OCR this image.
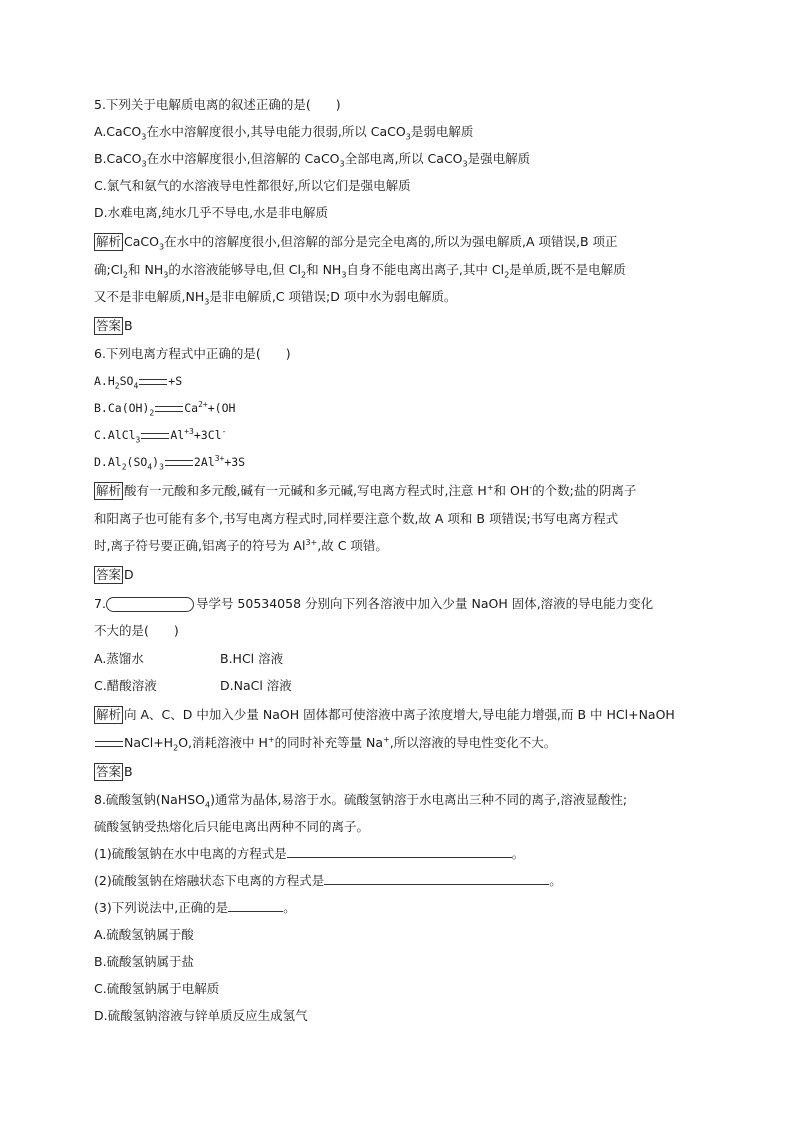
5.下列关于电解质电离的叙述正确的是(　　)
A.CaCO$_3$在水中溶解度很小,其导电能力很弱,所以 CaCO$_3$是弱电解质
B.CaCO$_3$在水中溶解度很小,但溶解的 CaCO$_3$全部电离,所以 CaCO$_3$是强电解质
C.氯气和氨气的水溶液导电性都很好,所以它们是强电解质
D.水难电离,纯水几乎不导电,水是非电解质
解析 CaCO$_3$在水中的溶解度很小,但溶解的部分是完全电离的,所以为强电解质,A 项错误,B 项正
确$;Cl_2$和 $NH_3$的水溶液能够导电,但 $Cl_2$和 $NH_3$自身不能电离出离子,其中 $Cl_2$是单质,既不是电解质
又不是非电解质$,NH_3$是非电解质,C 项错误;D 项中水为弱电解质。
答案 B
6.下列电离方程式中正确的是(　　)
$A.H_2SO_4$	+S
$B.Ca(OH)_2$	$Ca^{2+}+(OH$
C.AlCl$_3$	$Al^{+3}+3Cl^-$
$D.Al_2(SO_4)_3$	$2Al^{3+}+3S$
解析 酸有一元酸和多元酸,碱有一元碱和多元碱,写电离方程式时,注意 H+和 OH-的个数;盐的阴离子
和阳离子也可能有多个,书写电离方程式时,同样要注意个数,故 A 项和 B 项错误;书写电离方程式
时,离子符号要正确,铝离子的符号为 $Al^{3+}$,故 C 项错。
答案 D
7.	导学号 50534058 分别向下列各溶液中加入少量 NaOH 固体,溶液的导电能力变化
不大的是(　　)
A.蒸馏水	B.HCl 溶液
C.醋酸溶液	D.NaCl 溶液
解析 向 A、C、D 中加入少量 NaOH 固体都可使溶液中离子浓度增大,导电能力增强,而 B 中 HCl+NaOH
$NaCl+H_2O$,消耗溶液中 H+的同时补充等量 Na+,所以溶液的导电性变化不大。
答案 B
8.硫酸氢钠(NaHSO$_4$)通常为晶体,易溶于水。硫酸氢钠溶于水电离出三种不同的离子,溶液显酸性;
硫酸氢钠受热熔化后只能电离出两种不同的离子。
(1)硫酸氢钠在水中电离的方程式是	。
(2)硫酸氢钠在熔融状态下电离的方程式是	。
(3)下列说法中,正确的是	。
A.硫酸氢钠属于酸
B.硫酸氢钠属于盐
C.硫酸氢钠属于电解质
D.硫酸氢钠溶液与锌单质反应生成氢气
